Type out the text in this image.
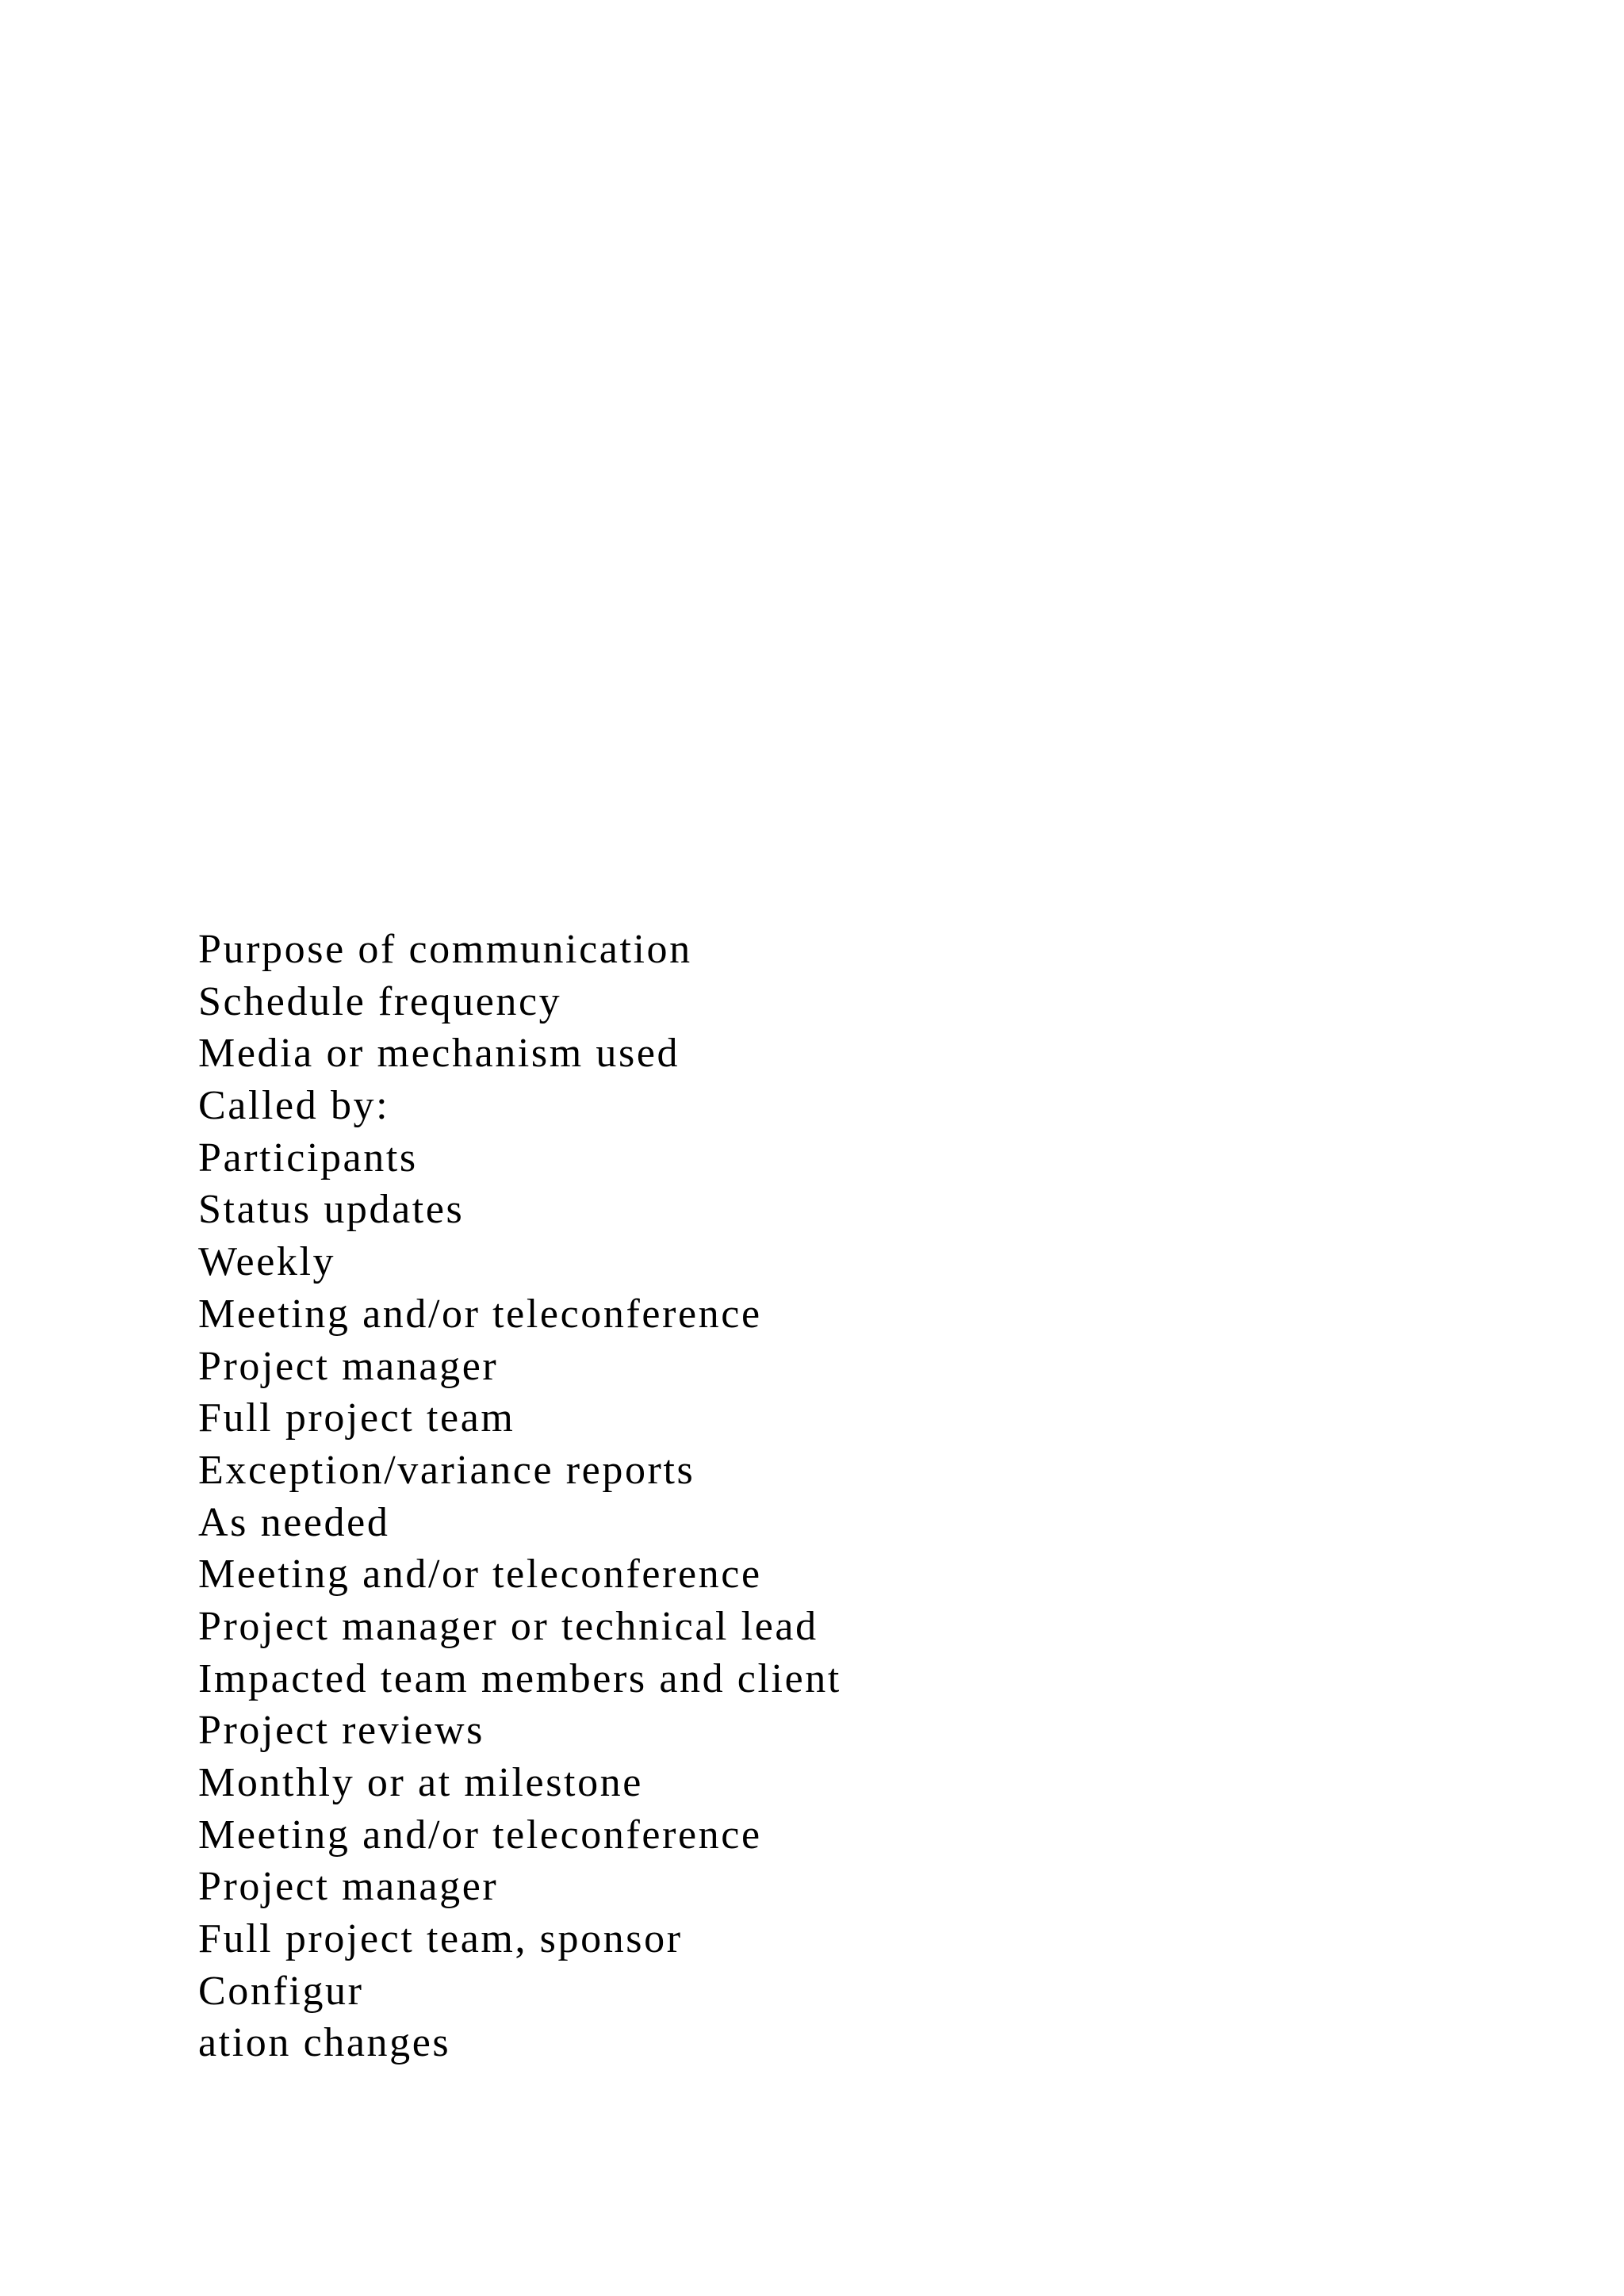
Purpose of communication
Schedule frequency
Media or mechanism used
Called by:
Participants
Status updates
Weekly
Meeting and/or teleconference
Project manager
Full project team
Exception/variance reports
As needed
Meeting and/or teleconference
Project manager or technical lead
Impacted team members and client
Project reviews
Monthly or at milestone
Meeting and/or teleconference
Project manager
Full project team, sponsor
Configur
ation changes
